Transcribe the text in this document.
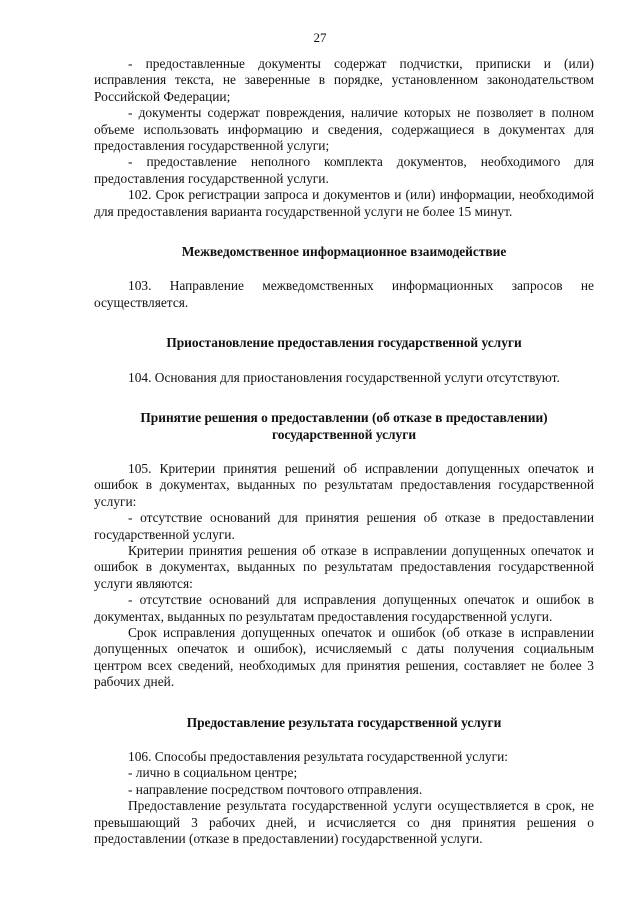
27
- предоставленные документы содержат подчистки, приписки и (или) исправления текста, не заверенные в порядке, установленном законодательством Российской Федерации;
- документы содержат повреждения, наличие которых не позволяет в полном объеме использовать информацию и сведения, содержащиеся в документах для предоставления государственной услуги;
- предоставление неполного комплекта документов, необходимого для предоставления государственной услуги.
102. Срок регистрации запроса и документов и (или) информации, необходимой для предоставления варианта государственной услуги не более 15 минут.
Межведомственное информационное взаимодействие
103. Направление межведомственных информационных запросов не осуществляется.
Приостановление предоставления государственной услуги
104. Основания для приостановления государственной услуги отсутствуют.
Принятие решения о предоставлении (об отказе в предоставлении) государственной услуги
105. Критерии принятия решений об исправлении допущенных опечаток и ошибок в документах, выданных по результатам предоставления государственной услуги:
- отсутствие оснований для принятия решения об отказе в предоставлении государственной услуги.
Критерии принятия решения об отказе в исправлении допущенных опечаток и ошибок в документах, выданных по результатам предоставления государственной услуги являются:
- отсутствие оснований для исправления допущенных опечаток и ошибок в документах, выданных по результатам предоставления государственной услуги.
Срок исправления допущенных опечаток и ошибок (об отказе в исправлении допущенных опечаток и ошибок), исчисляемый с даты получения социальным центром всех сведений, необходимых для принятия решения, составляет не более 3 рабочих дней.
Предоставление результата государственной услуги
106. Способы предоставления результата государственной услуги:
- лично в социальном центре;
- направление посредством почтового отправления.
Предоставление результата государственной услуги осуществляется в срок, не превышающий 3 рабочих дней, и исчисляется со дня принятия решения о предоставлении (отказе в предоставлении) государственной услуги.
